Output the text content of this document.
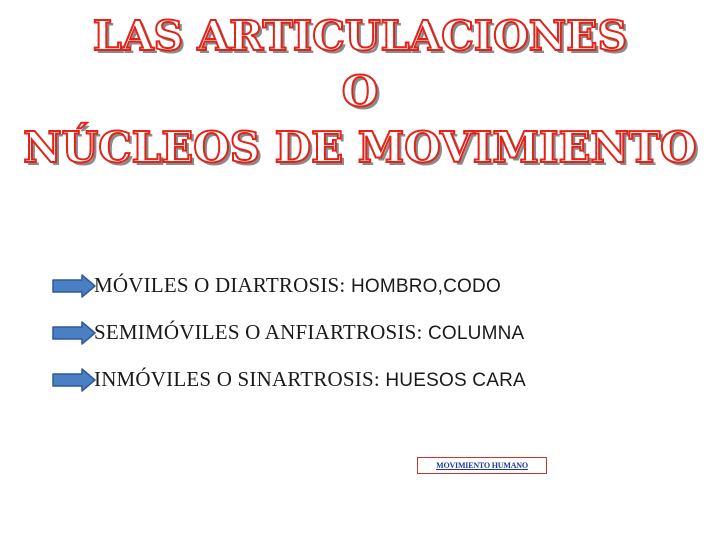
LAS ARTICULACIONES
O
NÚCLEOS DE MOVIMIENTO
MÓVILES O DIARTROSIS: HOMBRO,CODO
SEMIMÓVILES O ANFIARTROSIS: COLUMNA
INMÓVILES O SINARTROSIS: HUESOS CARA
MOVIMIENTO HUMANO
